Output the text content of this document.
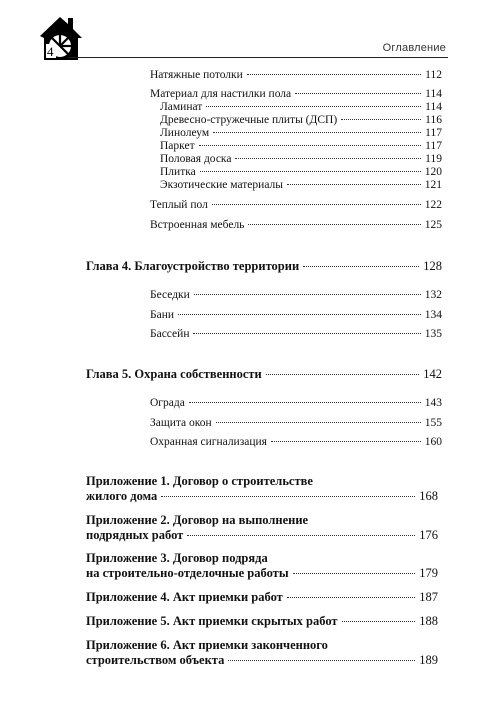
4	Оглавление
Натяжные потолки	112
Материал для настилки пола	114
Ламинат	114
Древесно-стружечные плиты (ДСП)	116
Линолеум	117
Паркет	117
Половая доска	119
Плитка	120
Экзотические материалы	121
Теплый пол	122
Встроенная мебель	125
Глава 4. Благоустройство территории	128
Беседки	132
Бани	134
Бассейн	135
Глава 5. Охрана собственности	142
Ограда	143
Защита окон	155
Охранная сигнализация	160
Приложение 1. Договор о строительстве
жилого дома	168
Приложение 2. Договор на выполнение
подрядных работ	176
Приложение 3. Договор подряда
на строительно-отделочные работы	179
Приложение 4. Акт приемки работ	187
Приложение 5. Акт приемки скрытых работ	188
Приложение 6. Акт приемки законченного
строительством объекта	189
